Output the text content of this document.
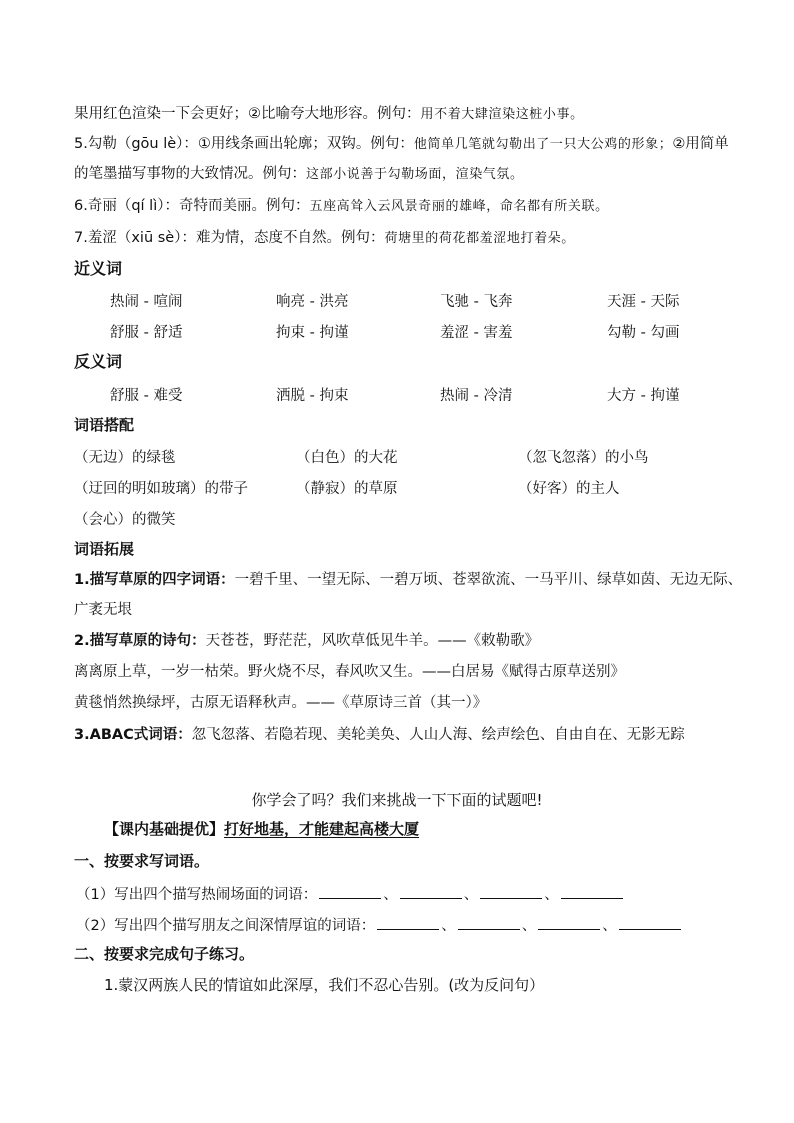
果用红色渲染一下会更好；②比喻夸大地形容。例句：用不着大肆渲染这桩小事。
5.勾勒（gōu lè）：①用线条画出轮廓；双钩。例句：他简单几笔就勾勒出了一只大公鸡的形象；②用简单
的笔墨描写事物的大致情况。例句：这部小说善于勾勒场面，渲染气氛。
6.奇丽（qí lì）：奇特而美丽。例句：五座高耸入云风景奇丽的雄峰，命名都有所关联。
7.羞涩（xiū sè）：难为情，态度不自然。例句：荷塘里的荷花都羞涩地打着朵。
近义词
热闹 - 喧闹	响亮 - 洪亮	飞驰 - 飞奔	天涯 - 天际
舒服 - 舒适	拘束 - 拘谨	羞涩 - 害羞	勾勒 - 勾画
反义词
舒服 - 难受	洒脱 - 拘束	热闹 - 冷清	大方 - 拘谨
词语搭配
（无边）的绿毯	（白色）的大花	（忽飞忽落）的小鸟
（迂回的明如玻璃）的带子	（静寂）的草原	（好客）的主人
（会心）的微笑
词语拓展
1.描写草原的四字词语：一碧千里、一望无际、一碧万顷、苍翠欲流、一马平川、绿草如茵、无边无际、
广袤无垠
2.描写草原的诗句：天苍苍，野茫茫，风吹草低见牛羊。——《敕勒歌》
离离原上草，一岁一枯荣。野火烧不尽，春风吹又生。——白居易《赋得古原草送别》
黄毯悄然换绿坪，古原无语释秋声。——《草原诗三首（其一）》
3.ABAC式词语：忽飞忽落、若隐若现、美轮美奂、人山人海、绘声绘色、自由自在、无影无踪
你学会了吗？我们来挑战一下下面的试题吧!
【课内基础提优】打好地基，才能建起高楼大厦
一、按要求写词语。
（1）写出四个描写热闹场面的词语：	、	、	、
（2）写出四个描写朋友之间深情厚谊的词语：	、	、	、
二、按要求完成句子练习。
1.蒙汉两族人民的情谊如此深厚，我们不忍心告别。(改为反问句）
